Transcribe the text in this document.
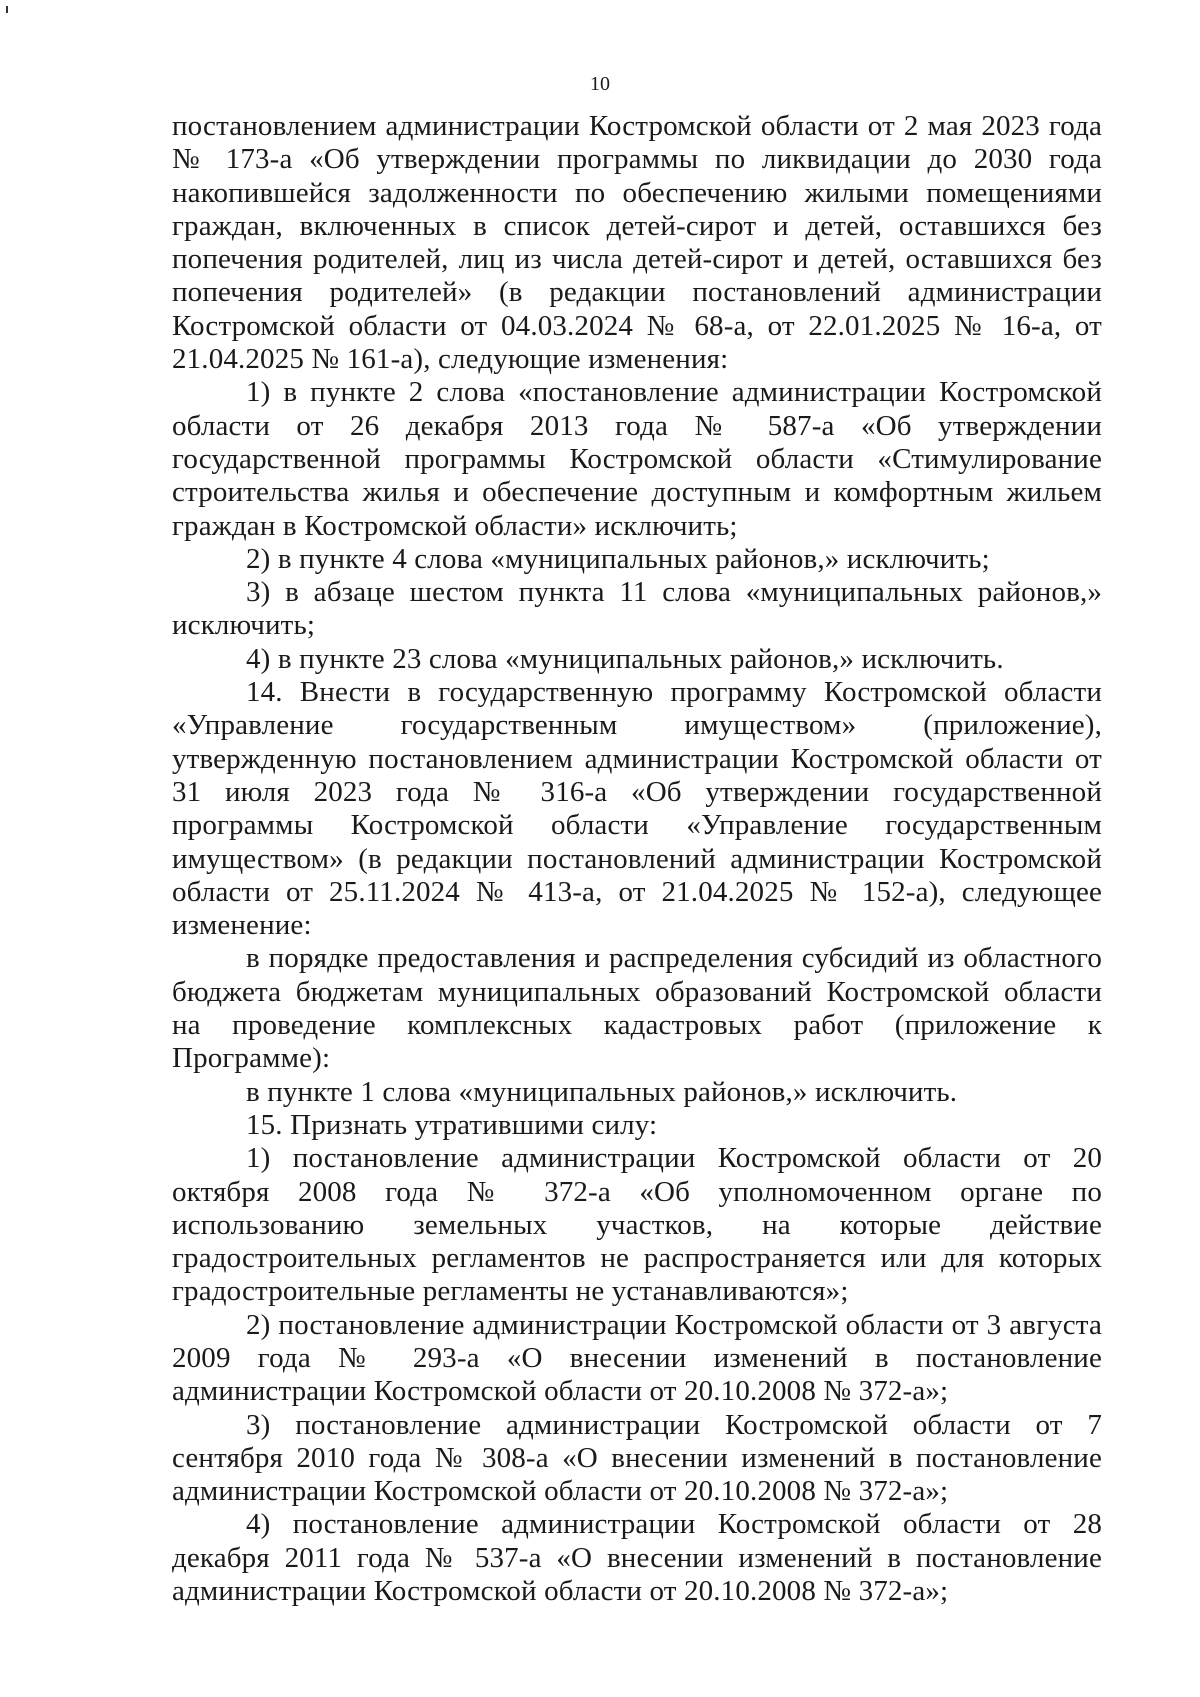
10

постановлением администрации Костромской области от 2 мая 2023 года № 173-а «Об утверждении программы по ликвидации до 2030 года накопившейся задолженности по обеспечению жилыми помещениями граждан, включенных в список детей-сирот и детей, оставшихся без попечения родителей, лиц из числа детей-сирот и детей, оставшихся без попечения родителей» (в редакции постановлений администрации Костромской области от 04.03.2024 № 68-а, от 22.01.2025 № 16-а, от 21.04.2025 № 161-а), следующие изменения:

1) в пункте 2 слова «постановление администрации Костромской области от 26 декабря 2013 года № 587-а «Об утверждении государственной программы Костромской области «Стимулирование строительства жилья и обеспечение доступным и комфортным жильем граждан в Костромской области» исключить;

2) в пункте 4 слова «муниципальных районов,» исключить;

3) в абзаце шестом пункта 11 слова «муниципальных районов,» исключить;

4) в пункте 23 слова «муниципальных районов,» исключить.

14. Внести в государственную программу Костромской области «Управление государственным имуществом» (приложение), утвержденную постановлением администрации Костромской области от 31 июля 2023 года № 316-а «Об утверждении государственной программы Костромской области «Управление государственным имуществом» (в редакции постановлений администрации Костромской области от 25.11.2024 № 413-а, от 21.04.2025 № 152-а), следующее изменение:

в порядке предоставления и распределения субсидий из областного бюджета бюджетам муниципальных образований Костромской области на проведение комплексных кадастровых работ (приложение к Программе):

в пункте 1 слова «муниципальных районов,» исключить.

15. Признать утратившими силу:

1) постановление администрации Костромской области от 20 октября 2008 года № 372-а «Об уполномоченном органе по использованию земельных участков, на которые действие градостроительных регламентов не распространяется или для которых градостроительные регламенты не устанавливаются»;

2) постановление администрации Костромской области от 3 августа 2009 года № 293-а «О внесении изменений в постановление администрации Костромской области от 20.10.2008 № 372-а»;

3) постановление администрации Костромской области от 7 сентября 2010 года № 308-а «О внесении изменений в постановление администрации Костромской области от 20.10.2008 № 372-а»;

4) постановление администрации Костромской области от 28 декабря 2011 года № 537-а «О внесении изменений в постановление администрации Костромской области от 20.10.2008 № 372-а»;
